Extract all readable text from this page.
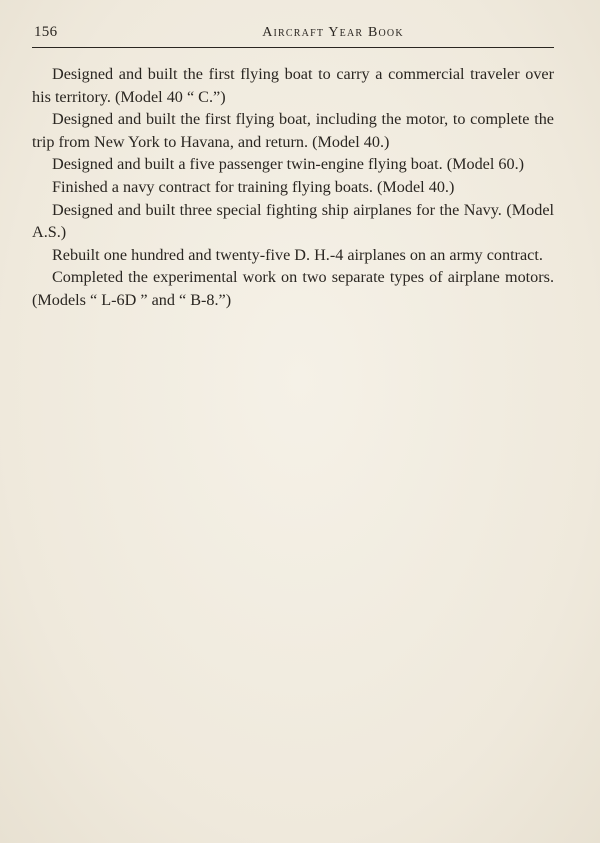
156	Aircraft Year Book

Designed and built the first flying boat to carry a commercial traveler over his territory. (Model 40 “ C.”)

Designed and built the first flying boat, including the motor, to complete the trip from New York to Havana, and return. (Model 40.)

Designed and built a five passenger twin-engine flying boat. (Model 60.)

Finished a navy contract for training flying boats. (Model 40.)

Designed and built three special fighting ship airplanes for the Navy. (Model A.S.)

Rebuilt one hundred and twenty-five D. H.-4 airplanes on an army contract.

Completed the experimental work on two separate types of airplane motors. (Models “ L-6D ” and “ B-8.”)
